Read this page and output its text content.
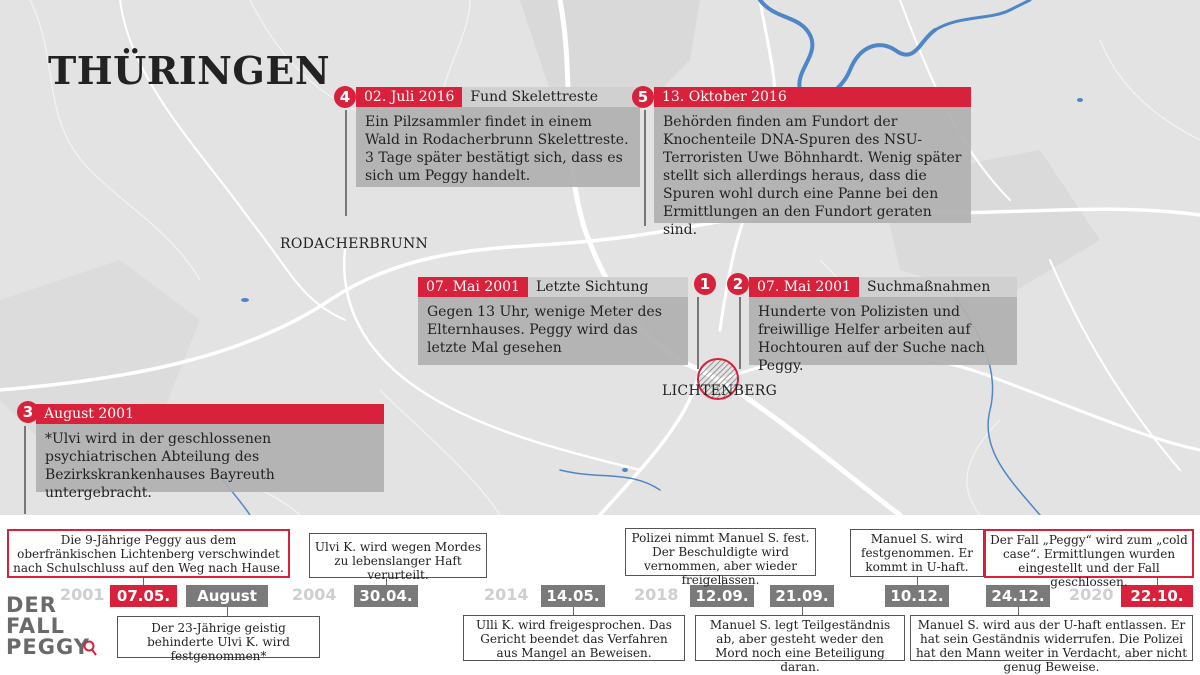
THÜRINGEN
RODACHERBRUNN
LICHTENBERG
4 02. Juli 2016	Fund Skelettreste
Ein Pilzsammler findet in einem Wald in Rodacherbrunn Skelettreste. 3 Tage später bestätigt sich, dass es sich um Peggy handelt.
5 13. Oktober 2016
Behörden finden am Fundort der Knochenteile DNA-Spuren des NSU-Terroristen Uwe Böhnhardt. Wenig später stellt sich allerdings heraus, dass die Spuren wohl durch eine Panne bei den Ermittlungen an den Fundort geraten sind.
1
07. Mai 2001	Letzte Sichtung
Gegen 13 Uhr, wenige Meter des Elternhauses. Peggy wird das letzte Mal gesehen
2 07. Mai 2001	Suchmaßnahmen
Hunderte von Polizisten und freiwillige Helfer arbeiten auf Hochtouren auf der Suche nach Peggy.
3 August 2001
*Ulvi wird in der geschlossenen psychiatrischen Abteilung des Bezirkskrankenhauses Bayreuth untergebracht.
DER
FALL
PEGGY
2001	2004	2014	2018	2020
07.05.	August	30.04.	14.05.	12.09.	21.09.	10.12.	24.12.	22.10.
Die 9-Jährige Peggy aus dem oberfränkischen Lichtenberg verschwindet nach Schulschluss auf den Weg nach Hause.
Ulvi K. wird wegen Mordes zu lebenslanger Haft verurteilt.
Polizei nimmt Manuel S. fest. Der Beschuldigte wird vernommen, aber wieder freigelassen.
Manuel S. wird festgenommen. Er kommt in U-haft.
Der Fall „Peggy“ wird zum „cold case“. Ermittlungen wurden eingestellt und der Fall geschlossen.
Der 23-Jährige geistig behinderte Ulvi K. wird festgenommen*
Ulli K. wird freigesprochen. Das Gericht beendet das Verfahren aus Mangel an Beweisen.
Manuel S. legt Teilgeständnis ab, aber gesteht weder den Mord noch eine Beteiligung daran.
Manuel S. wird aus der U-haft entlassen. Er hat sein Geständnis widerrufen. Die Polizei hat den Mann weiter in Verdacht, aber nicht genug Beweise.
